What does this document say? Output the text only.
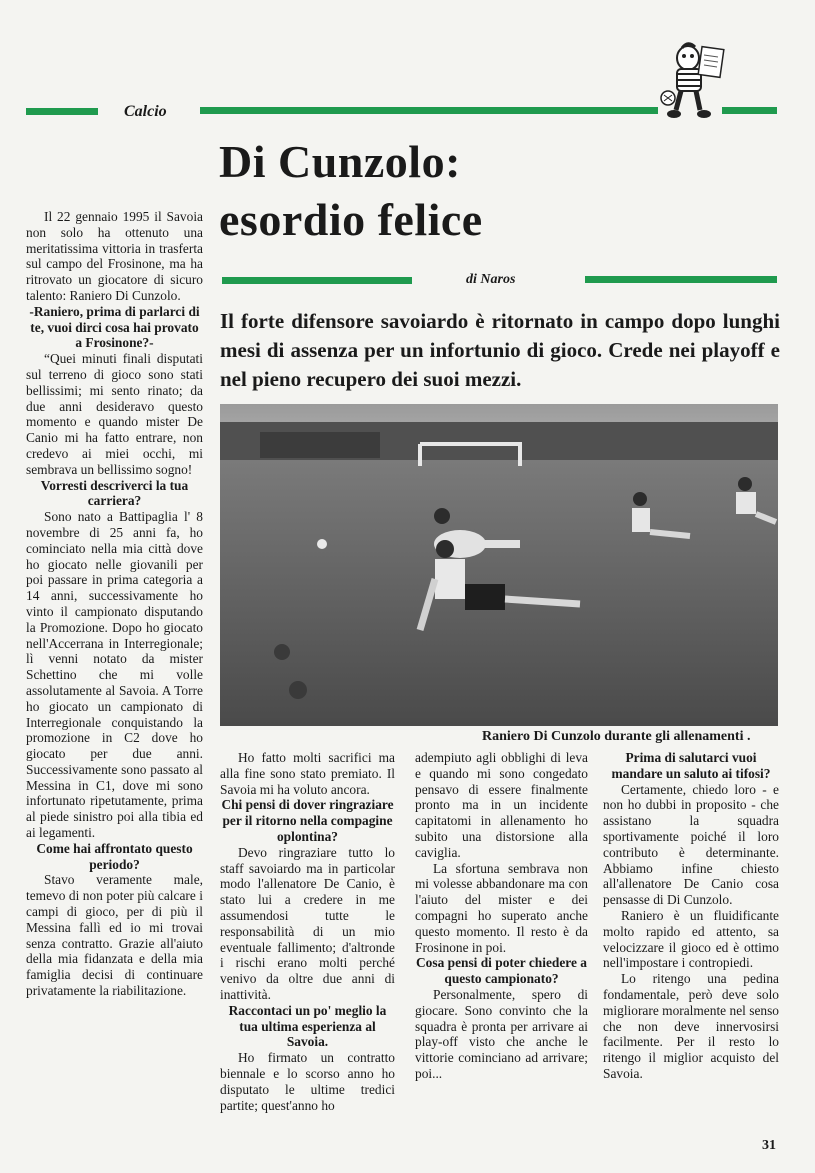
Calcio
Di Cunzolo:
esordio felice
di Naros
Il forte difensore savoiardo è ritornato in campo dopo lunghi mesi di assenza per un infortunio di gioco. Crede nei playoff e nel pieno recupero dei suoi mezzi.
Raniero Di Cunzolo durante gli allenamenti .

Il 22 gennaio 1995 il Savoia non solo ha ottenuto una meritatissima vittoria in trasferta sul campo del Frosinone, ma ha ritrovato un giocatore di sicuro talento: Raniero Di Cunzolo.

-Raniero, prima di parlarci di te, vuoi dirci cosa hai provato a Frosinone?-

“Quei minuti finali disputati sul terreno di gioco sono stati bellissimi; mi sento rinato; da due anni desideravo questo momento e quando mister De Canio mi ha fatto entrare, non credevo ai miei occhi, mi sembrava un bellissimo sogno!

Vorresti descriverci la tua carriera?

Sono nato a Battipaglia l' 8 novembre di 25 anni fa, ho cominciato nella mia città dove ho giocato nelle giovanili per poi passare in prima categoria a 14 anni, successivamente ho vinto il campionato disputando la Promozione. Dopo ho giocato nell'Accerrana in Interregionale; lì venni notato da mister Schettino che mi volle assolutamente al Savoia. A Torre ho giocato un campionato di Interregionale conquistando la promozione in C2 dove ho giocato per due anni. Successivamente sono passato al Messina in C1, dove mi sono infortunato ripetutamente, prima al piede sinistro poi alla tibia ed ai legamenti.

Come hai affrontato questo periodo?

Stavo veramente male, temevo di non poter più calcare i campi di gioco, per di più il Messina fallì ed io mi trovai senza contratto. Grazie all'aiuto della mia fidanzata e della mia famiglia decisi di continuare privatamente la riabilitazione.

Ho fatto molti sacrifici ma alla fine sono stato premiato. Il Savoia mi ha voluto ancora.

Chi pensi di dover ringraziare per il ritorno nella compagine oplontina?

Devo ringraziare tutto lo staff savoiardo ma in particolar modo l'allenatore De Canio, è stato lui a credere in me assumendosi tutte le responsabilità di un mio eventuale fallimento; d'altronde i rischi erano molti perché venivo da oltre due anni di inattività.

Raccontaci un po' meglio la tua ultima esperienza al Savoia.

Ho firmato un contratto biennale e lo scorso anno ho disputato le ultime tredici partite; quest'anno ho

adempiuto agli obblighi di leva e quando mi sono congedato pensavo di essere finalmente pronto ma in un incidente capitatomi in allenamento ho subito una distorsione alla caviglia.

La sfortuna sembrava non mi volesse abbandonare ma con l'aiuto del mister e dei compagni ho superato anche questo momento. Il resto è da Frosinone in poi.

Cosa pensi di poter chiedere a questo campionato?

Personalmente, spero di giocare. Sono convinto che la squadra è pronta per arrivare ai play-off visto che anche le vittorie cominciano ad arrivare; poi...

Prima di salutarci vuoi mandare un saluto ai tifosi?

Certamente, chiedo loro - e non ho dubbi in proposito - che assistano la squadra sportivamente poiché il loro contributo è determinante. Abbiamo infine chiesto all'allenatore De Canio cosa pensasse di Di Cunzolo.

Raniero è un fluidificante molto rapido ed attento, sa velocizzare il gioco ed è ottimo nell'impostare i contropiedi.

Lo ritengo una pedina fondamentale, però deve solo migliorare moralmente nel senso che non deve innervosirsi facilmente. Per il resto lo ritengo il miglior acquisto del Savoia.

31
